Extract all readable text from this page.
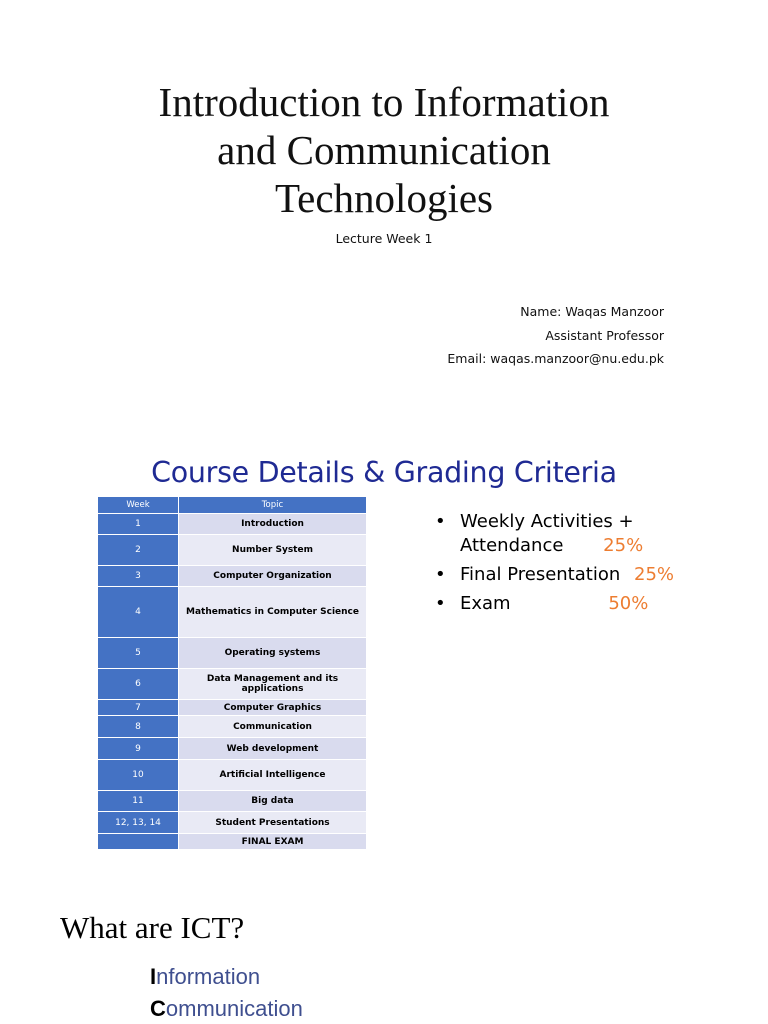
Introduction to Information
and Communication
Technologies
Lecture Week 1
Name: Waqas Manzoor
Assistant Professor
Email: waqas.manzoor@nu.edu.pk
Course Details & Grading Criteria
Week	Topic
1	Introduction
2	Number System
3	Computer Organization
4	Mathematics in Computer Science
5	Operating systems
6	Data Management and its applications
7	Computer Graphics
8	Communication
9	Web development
10	Artificial Intelligence
11	Big data
12, 13, 14	Student Presentations
	FINAL EXAM
• Weekly Activities +
Attendance 25%
• Final Presentation 25%
• Exam	50%
What are ICT?
Information
Communication
